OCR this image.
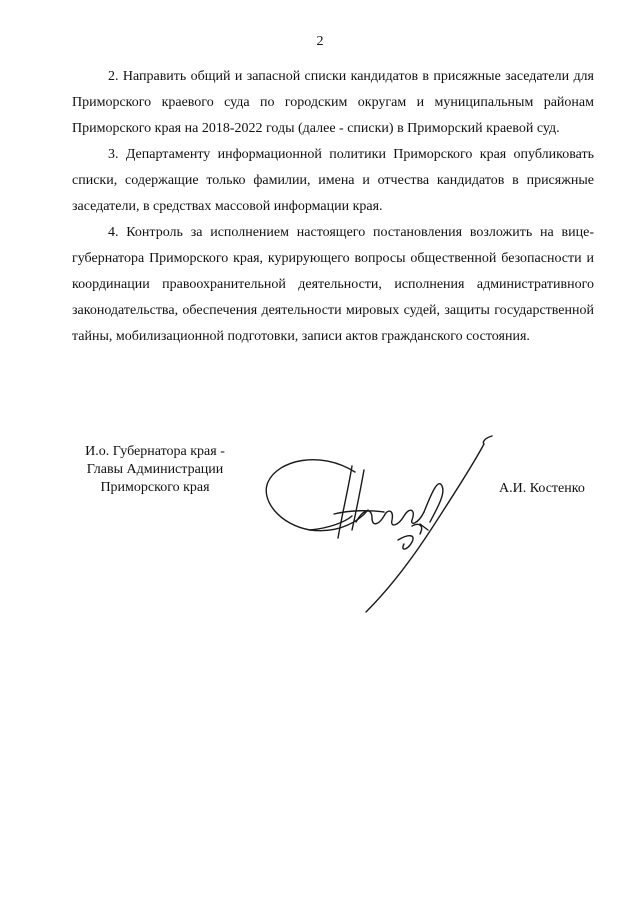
2

2. Направить общий и запасной списки кандидатов в присяжные заседатели для Приморского краевого суда по городским округам и муниципальным районам Приморского края на 2018-2022 годы (далее - списки) в Приморский краевой суд.

3. Департаменту информационной политики Приморского края опубликовать списки, содержащие только фамилии, имена и отчества кандидатов в присяжные заседатели, в средствах массовой информации края.

4. Контроль за исполнением настоящего постановления возложить на вице-губернатора Приморского края, курирующего вопросы общественной безопасности и координации правоохранительной деятельности, исполнения административного законодательства, обеспечения деятельности мировых судей, защиты государственной тайны, мобилизационной подготовки, записи актов гражданского состояния.

И.о. Губернатора края -
Главы Администрации
Приморского края	А.И. Костенко
